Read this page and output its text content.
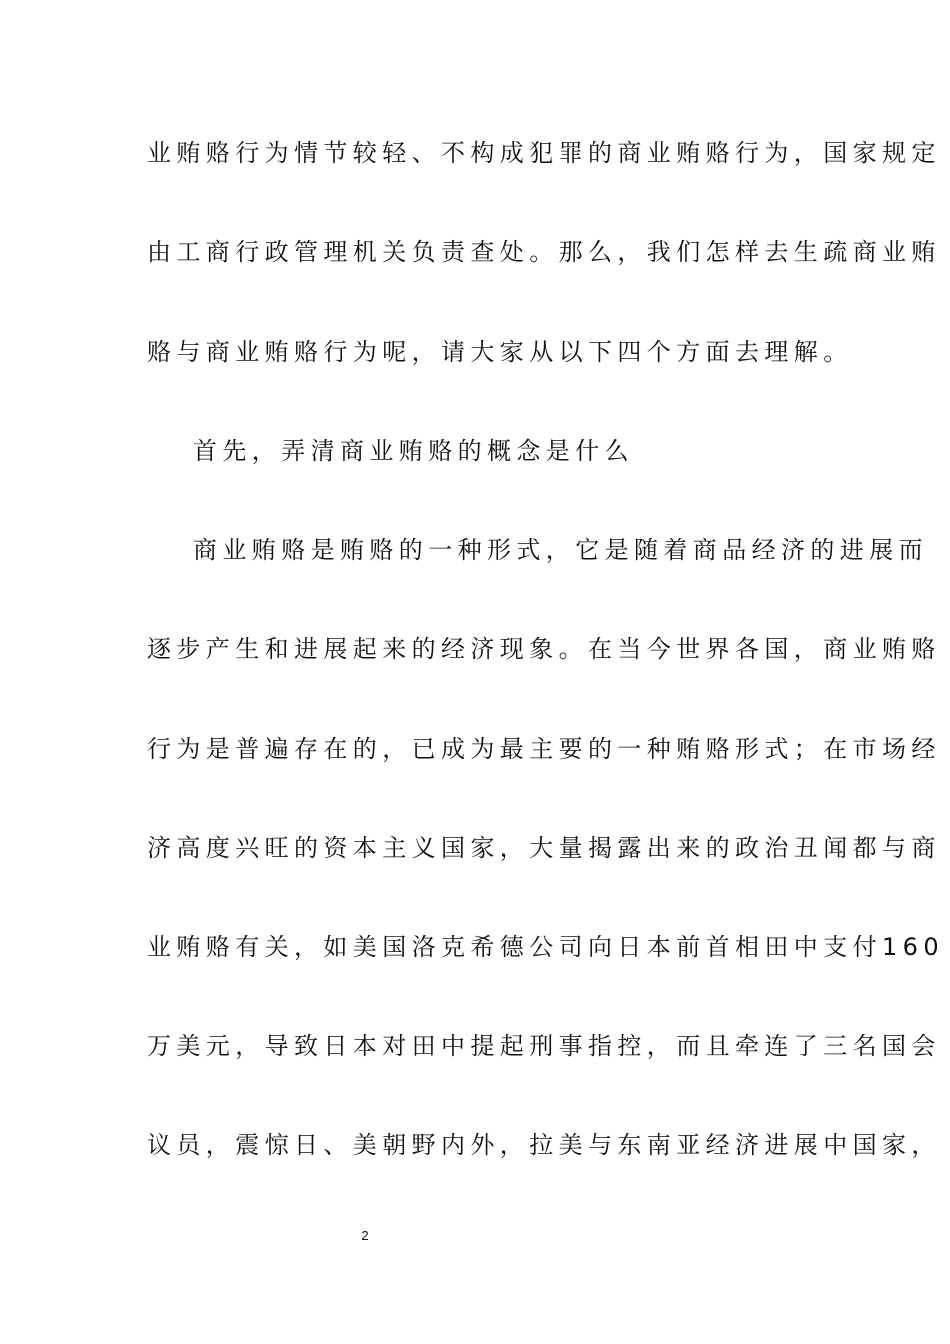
业贿赂行为情节较轻、不构成犯罪的商业贿赂行为，国家规定
由工商行政管理机关负责查处。那么，我们怎样去生疏商业贿
赂与商业贿赂行为呢，请大家从以下四个方面去理解。
首先，弄清商业贿赂的概念是什么
商业贿赂是贿赂的一种形式，它是随着商品经济的进展而
逐步产生和进展起来的经济现象。在当今世界各国，商业贿赂
行为是普遍存在的，已成为最主要的一种贿赂形式；在市场经
济高度兴旺的资本主义国家，大量揭露出来的政治丑闻都与商
业贿赂有关，如美国洛克希德公司向日本前首相田中支付160
万美元，导致日本对田中提起刑事指控，而且牵连了三名国会
议员，震惊日、美朝野内外，拉美与东南亚经济进展中国家，
2
